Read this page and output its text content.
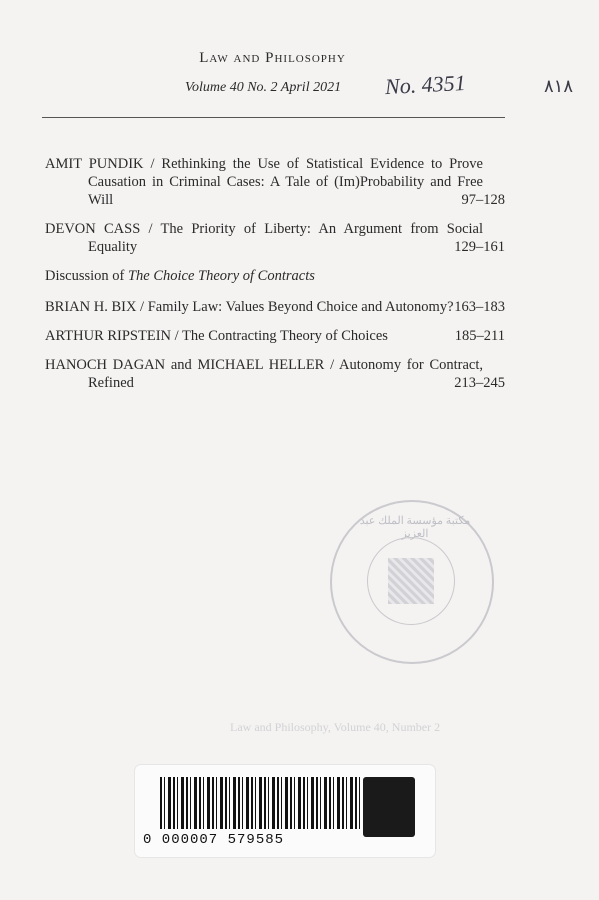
Law and Philosophy
Volume 40 No. 2 April 2021 No. 4351	٨١٨
AMIT PUNDIK / Rethinking the Use of Statistical Evidence to Prove Causation in Criminal Cases: A Tale of (Im)Probability and Free Will	97–128
DEVON CASS / The Priority of Liberty: An Argument from Social Equality	129–161
Discussion of The Choice Theory of Contracts
BRIAN H. BIX / Family Law: Values Beyond Choice and Autonomy? 163–183
ARTHUR RIPSTEIN / The Contracting Theory of Choices	185–211
HANOCH DAGAN and MICHAEL HELLER / Autonomy for Contract, Refined	213–245
مكتبة مؤسسة الملك عبد العزيز
Law and Philosophy, Volume 40, Number 2
0 000007 579585
